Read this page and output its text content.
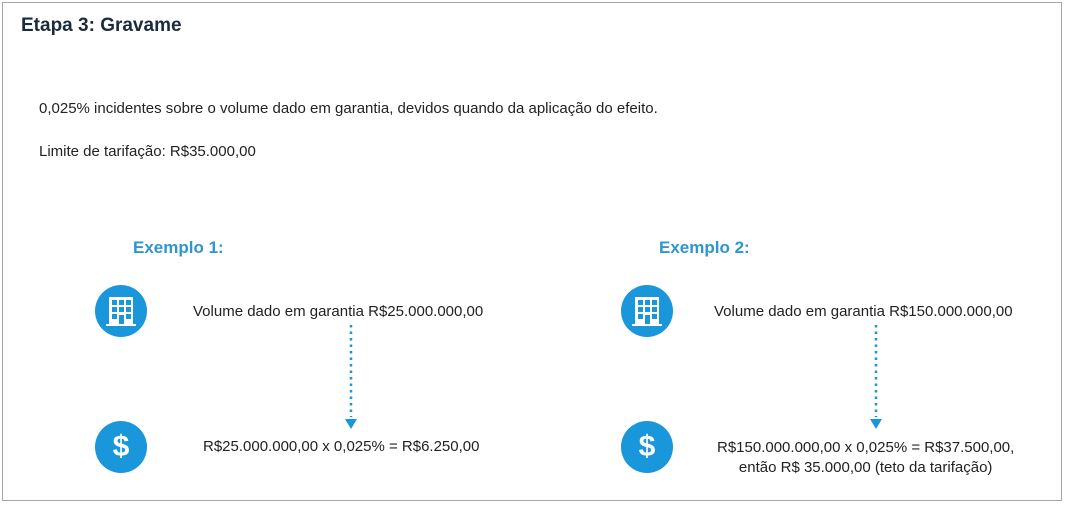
Etapa 3: Gravame
0,025% incidentes sobre o volume dado em garantia, devidos quando da aplicação do efeito.
Limite de tarifação: R$35.000,00
Exemplo 1:
Volume dado em garantia R$25.000.000,00
$	R$25.000.000,00 x 0,025% = R$6.250,00
Exemplo 2:
Volume dado em garantia R$150.000.000,00
$	R$150.000.000,00 x 0,025% = R$37.500,00,
então R$ 35.000,00 (teto da tarifação)
